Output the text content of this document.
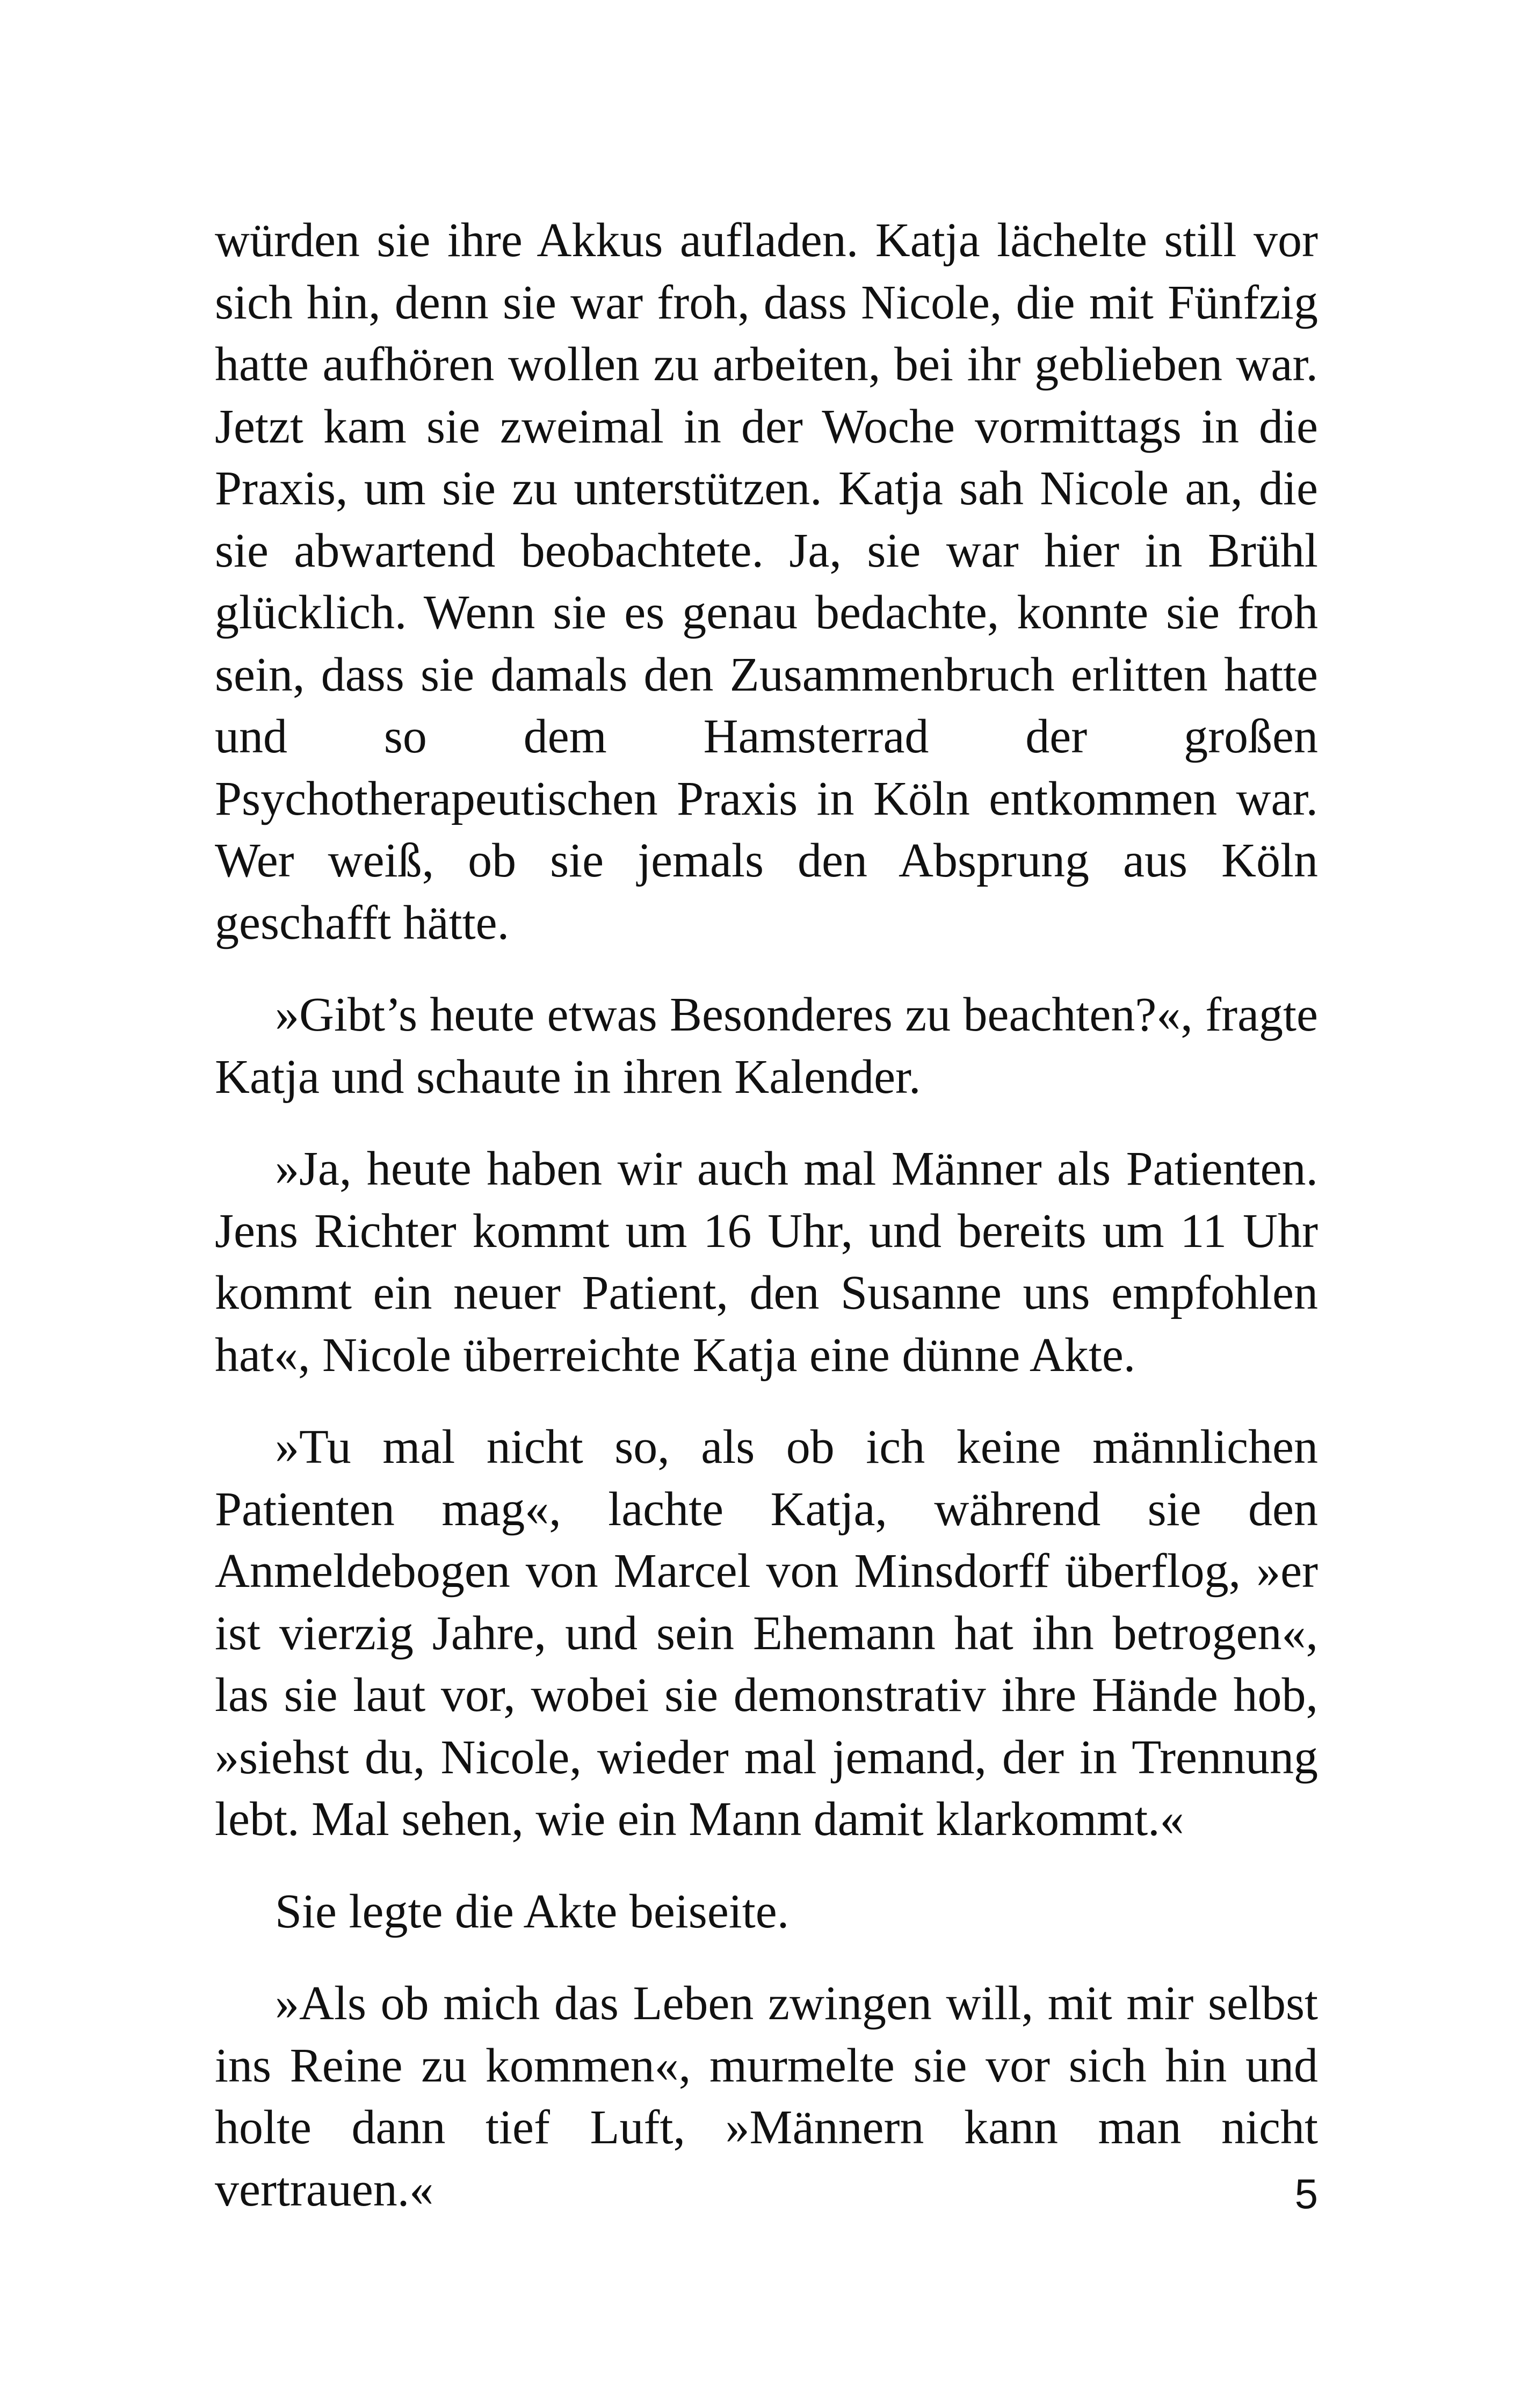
würden sie ihre Akkus aufladen. Katja lächelte still vor sich hin, denn sie war froh, dass Nicole, die mit Fünfzig hatte aufhören wollen zu arbeiten, bei ihr geblieben war. Jetzt kam sie zweimal in der Woche vormittags in die Praxis, um sie zu unterstützen. Katja sah Nicole an, die sie abwartend beobachtete. Ja, sie war hier in Brühl glücklich. Wenn sie es genau bedachte, konnte sie froh sein, dass sie damals den Zusammenbruch erlitten hatte und so dem Hamsterrad der großen Psychotherapeutischen Praxis in Köln entkommen war. Wer weiß, ob sie jemals den Absprung aus Köln geschafft hätte.

»Gibt’s heute etwas Besonderes zu beachten?«, fragte Katja und schaute in ihren Kalender.

»Ja, heute haben wir auch mal Männer als Patienten. Jens Richter kommt um 16 Uhr, und bereits um 11 Uhr kommt ein neuer Patient, den Susanne uns empfohlen hat«, Nicole überreichte Katja eine dünne Akte.

»Tu mal nicht so, als ob ich keine männlichen Patienten mag«, lachte Katja, während sie den Anmeldebogen von Marcel von Minsdorff überflog, »er ist vierzig Jahre, und sein Ehemann hat ihn betrogen«, las sie laut vor, wobei sie demonstrativ ihre Hände hob, »siehst du, Nicole, wieder mal jemand, der in Trennung lebt. Mal sehen, wie ein Mann damit klarkommt.«

Sie legte die Akte beiseite.

»Als ob mich das Leben zwingen will, mit mir selbst ins Reine zu kommen«, murmelte sie vor sich hin und holte dann tief Luft, »Männern kann man nicht vertrauen.«	5
